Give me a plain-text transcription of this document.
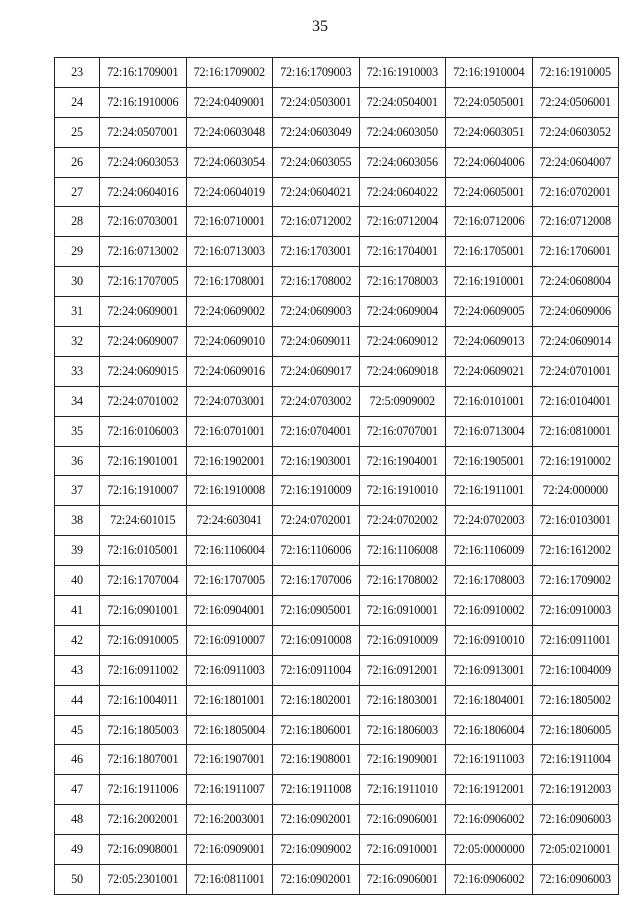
35
23	72:16:1709001	72:16:1709002	72:16:1709003	72:16:1910003	72:16:1910004	72:16:1910005
24	72:16:1910006	72:24:0409001	72:24:0503001	72:24:0504001	72:24:0505001	72:24:0506001
25	72:24:0507001	72:24:0603048	72:24:0603049	72:24:0603050	72:24:0603051	72:24:0603052
26	72:24:0603053	72:24:0603054	72:24:0603055	72:24:0603056	72:24:0604006	72:24:0604007
27	72:24:0604016	72:24:0604019	72:24:0604021	72:24:0604022	72:24:0605001	72:16:0702001
28	72:16:0703001	72:16:0710001	72:16:0712002	72:16:0712004	72:16:0712006	72:16:0712008
29	72:16:0713002	72:16:0713003	72:16:1703001	72:16:1704001	72:16:1705001	72:16:1706001
30	72:16:1707005	72:16:1708001	72:16:1708002	72:16:1708003	72:16:1910001	72:24:0608004
31	72:24:0609001	72:24:0609002	72:24:0609003	72:24:0609004	72:24:0609005	72:24:0609006
32	72:24:0609007	72:24:0609010	72:24:0609011	72:24:0609012	72:24:0609013	72:24:0609014
33	72:24:0609015	72:24:0609016	72:24:0609017	72:24:0609018	72:24:0609021	72:24:0701001
34	72:24:0701002	72:24:0703001	72:24:0703002	72:5:0909002	72:16:0101001	72:16:0104001
35	72:16:0106003	72:16:0701001	72:16:0704001	72:16:0707001	72:16:0713004	72:16:0810001
36	72:16:1901001	72:16:1902001	72:16:1903001	72:16:1904001	72:16:1905001	72:16:1910002
37	72:16:1910007	72:16:1910008	72:16:1910009	72:16:1910010	72:16:1911001	72:24:000000
38	72:24:601015	72:24:603041	72:24:0702001	72:24:0702002	72:24:0702003	72:16:0103001
39	72:16:0105001	72:16:1106004	72:16:1106006	72:16:1106008	72:16:1106009	72:16:1612002
40	72:16:1707004	72:16:1707005	72:16:1707006	72:16:1708002	72:16:1708003	72:16:1709002
41	72:16:0901001	72:16:0904001	72:16:0905001	72:16:0910001	72:16:0910002	72:16:0910003
42	72:16:0910005	72:16:0910007	72:16:0910008	72:16:0910009	72:16:0910010	72:16:0911001
43	72:16:0911002	72:16:0911003	72:16:0911004	72:16:0912001	72:16:0913001	72:16:1004009
44	72:16:1004011	72:16:1801001	72:16:1802001	72:16:1803001	72:16:1804001	72:16:1805002
45	72:16:1805003	72:16:1805004	72:16:1806001	72:16:1806003	72:16:1806004	72:16:1806005
46	72:16:1807001	72:16:1907001	72:16:1908001	72:16:1909001	72:16:1911003	72:16:1911004
47	72:16:1911006	72:16:1911007	72:16:1911008	72:16:1911010	72:16:1912001	72:16:1912003
48	72:16:2002001	72:16:2003001	72:16:0902001	72:16:0906001	72:16:0906002	72:16:0906003
49	72:16:0908001	72:16:0909001	72:16:0909002	72:16:0910001	72:05:0000000	72:05:0210001
50	72:05:2301001	72:16:0811001	72:16:0902001	72:16:0906001	72:16:0906002	72:16:0906003
